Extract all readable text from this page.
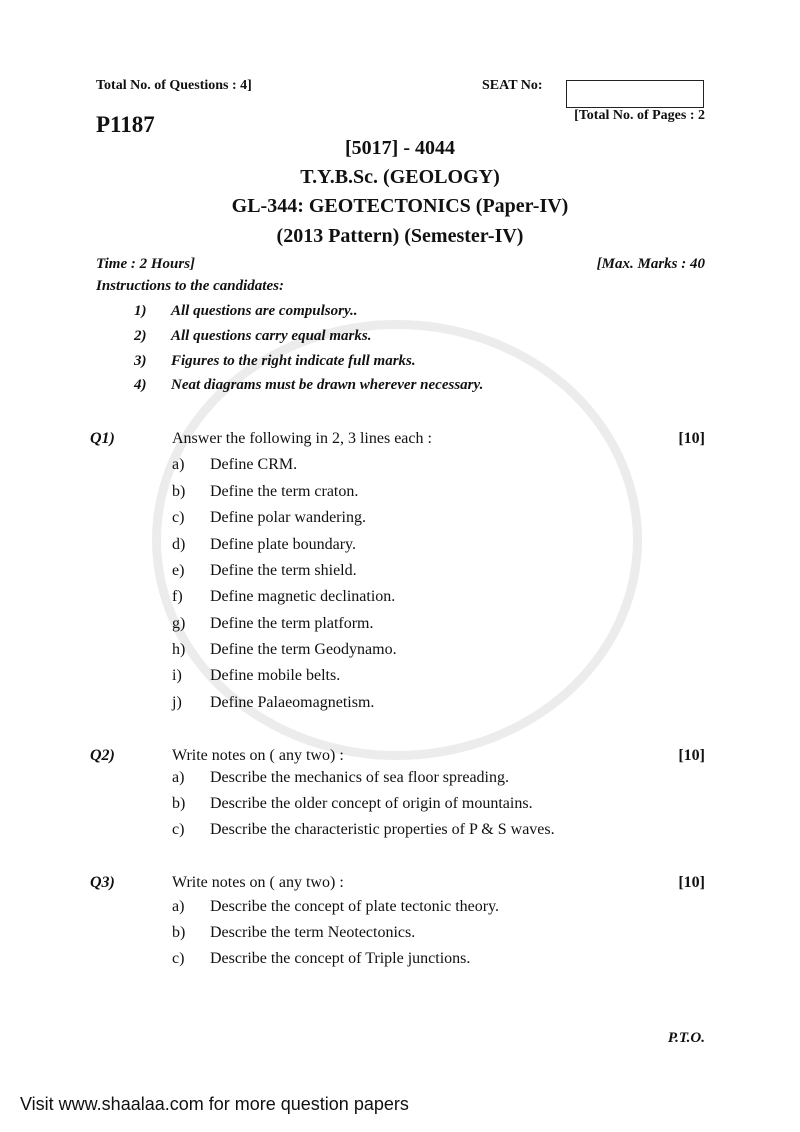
Total No. of Questions : 4]	SEAT No:
P1187	[Total No. of Pages : 2
[5017] - 4044
T.Y.B.Sc. (GEOLOGY)
GL-344: GEOTECTONICS (Paper-IV)
(2013 Pattern) (Semester-IV)
Time : 2 Hours]	[Max. Marks : 40
Instructions to the candidates:
1) All questions are compulsory..
2) All questions carry equal marks.
3) Figures to the right indicate full marks.
4) Neat diagrams must be drawn wherever necessary.
Q1)	Answer the following in 2, 3 lines each :	[10]
a) Define CRM.
b) Define the term craton.
c) Define polar wandering.
d) Define plate boundary.
e) Define the term shield.
f) Define magnetic declination.
g) Define the term platform.
h) Define the term Geodynamo.
i) Define mobile belts.
j) Define Palaeomagnetism.
Q2)	Write notes on ( any two) :	[10]
a) Describe the mechanics of sea floor spreading.
b) Describe the older concept of origin of mountains.
c) Describe the characteristic properties of P & S waves.
Q3)	Write notes on ( any two) :	[10]
a) Describe the concept of plate tectonic theory.
b) Describe the term Neotectonics.
c) Describe the concept of Triple junctions.
P.T.O.
Visit www.shaalaa.com for more question papers
